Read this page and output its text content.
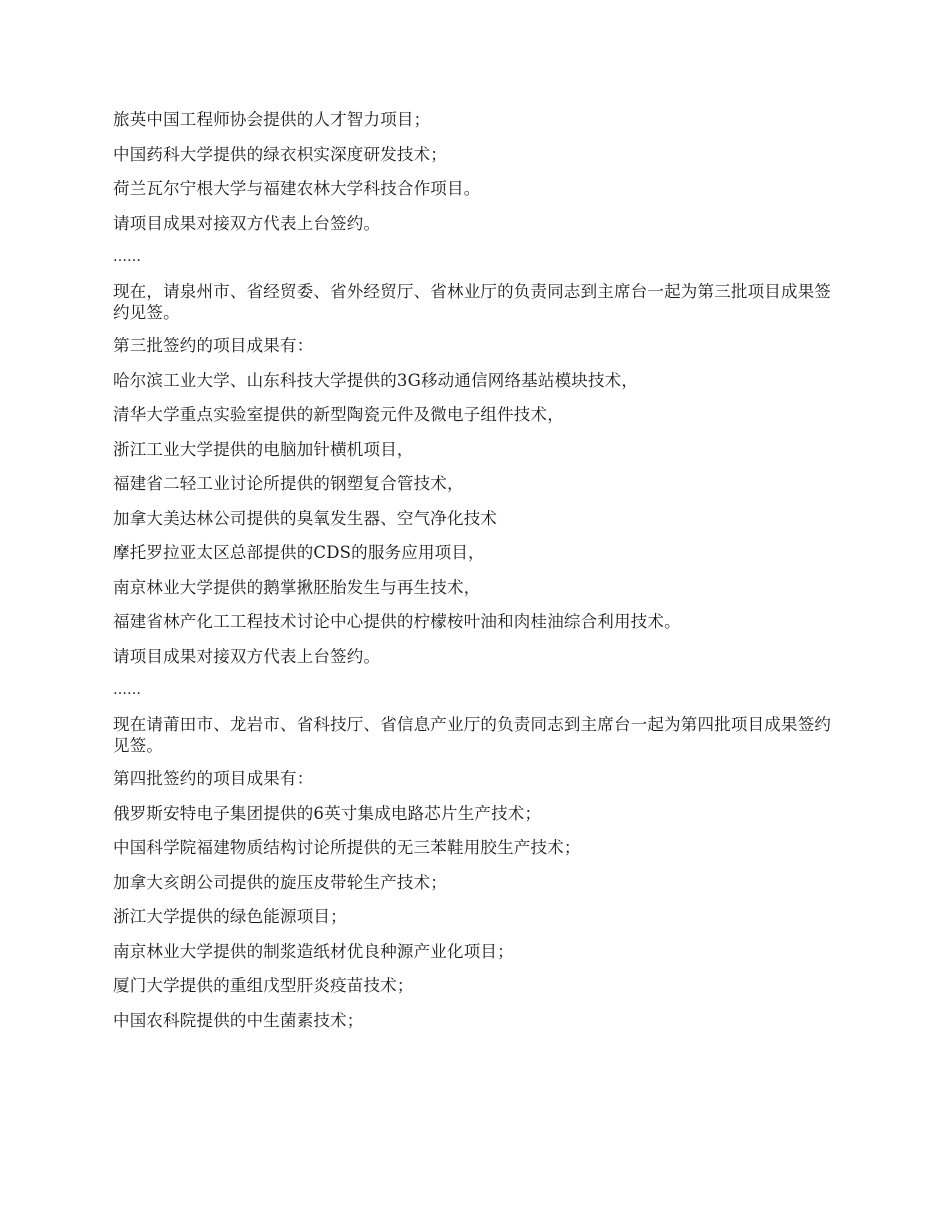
旅英中国工程师协会提供的人才智力项目；

中国药科大学提供的绿衣枳实深度研发技术；

荷兰瓦尔宁根大学与福建农林大学科技合作项目。

请项目成果对接双方代表上台签约。

……

现在，请泉州市、省经贸委、省外经贸厅、省林业厅的负责同志到主席台一起为第三批项目成果签约见签。

第三批签约的项目成果有：

哈尔滨工业大学、山东科技大学提供的3G移动通信网络基站模块技术，

清华大学重点实验室提供的新型陶瓷元件及微电子组件技术，

浙江工业大学提供的电脑加针横机项目，

福建省二轻工业讨论所提供的钢塑复合管技术，

加拿大美达林公司提供的臭氧发生器、空气净化技术

摩托罗拉亚太区总部提供的CDS的服务应用项目，

南京林业大学提供的鹅掌揪胚胎发生与再生技术，

福建省林产化工工程技术讨论中心提供的柠檬桉叶油和肉桂油综合利用技术。

请项目成果对接双方代表上台签约。

……

现在请莆田市、龙岩市、省科技厅、省信息产业厅的负责同志到主席台一起为第四批项目成果签约见签。

第四批签约的项目成果有：

俄罗斯安特电子集团提供的6英寸集成电路芯片生产技术；

中国科学院福建物质结构讨论所提供的无三苯鞋用胶生产技术；

加拿大亥朗公司提供的旋压皮带轮生产技术；

浙江大学提供的绿色能源项目；

南京林业大学提供的制浆造纸材优良种源产业化项目；

厦门大学提供的重组戊型肝炎疫苗技术；

中国农科院提供的中生菌素技术；
